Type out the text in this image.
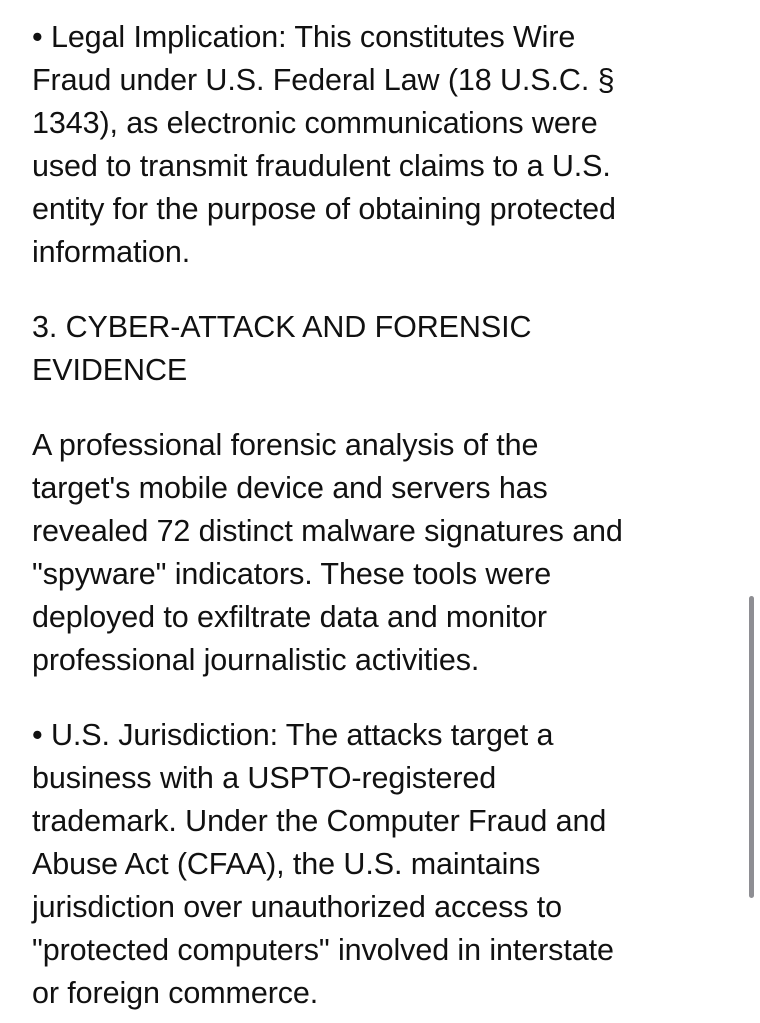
• Legal Implication: This constitutes Wire
Fraud under U.S. Federal Law (18 U.S.C. §
1343), as electronic communications were
used to transmit fraudulent claims to a U.S.
entity for the purpose of obtaining protected
information.

3. CYBER-ATTACK AND FORENSIC
EVIDENCE

A professional forensic analysis of the
target's mobile device and servers has
revealed 72 distinct malware signatures and
"spyware" indicators. These tools were
deployed to exfiltrate data and monitor
professional journalistic activities.

• U.S. Jurisdiction: The attacks target a
business with a USPTO-registered
trademark. Under the Computer Fraud and
Abuse Act (CFAA), the U.S. maintains
jurisdiction over unauthorized access to
"protected computers" involved in interstate
or foreign commerce.
